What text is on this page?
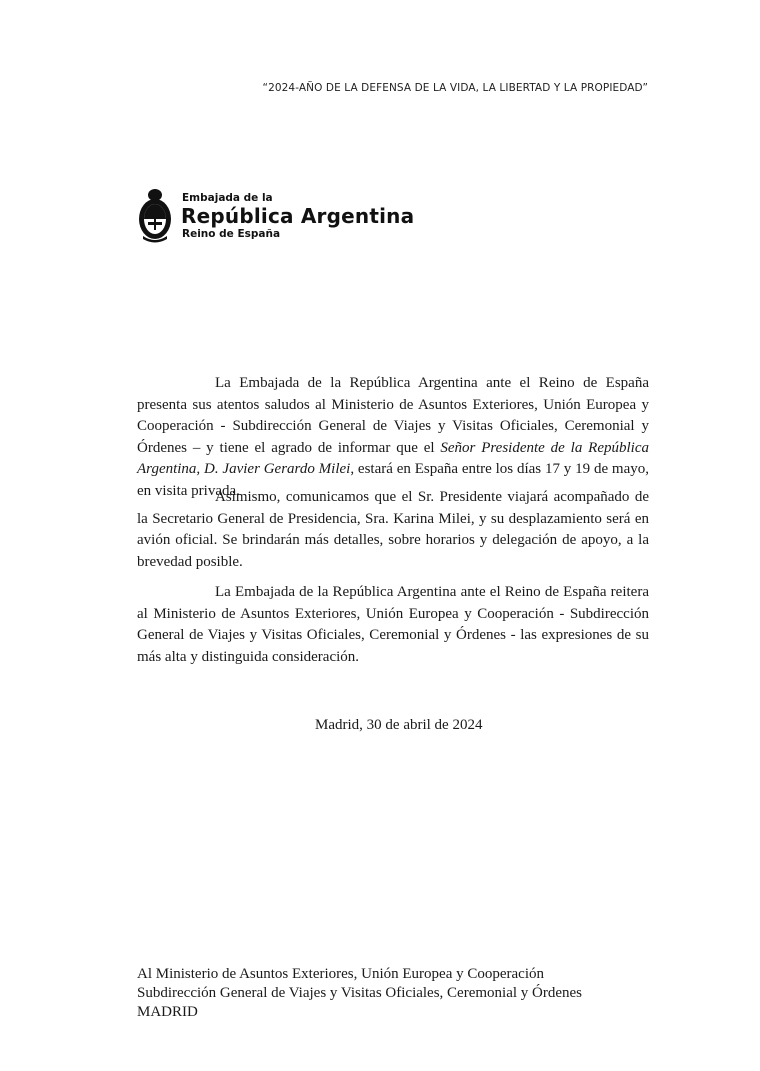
“2024-AÑO DE LA DEFENSA DE LA VIDA, LA LIBERTAD Y LA PROPIEDAD”
Embajada de la
República Argentina
Reino de España
La Embajada de la República Argentina ante el Reino de España presenta sus atentos saludos al Ministerio de Asuntos Exteriores, Unión Europea y Cooperación - Subdirección General de Viajes y Visitas Oficiales, Ceremonial y Órdenes – y tiene el agrado de informar que el Señor Presidente de la República Argentina, D. Javier Gerardo Milei, estará en España entre los días 17 y 19 de mayo, en visita privada.
Asimismo, comunicamos que el Sr. Presidente viajará acompañado de la Secretario General de Presidencia, Sra. Karina Milei, y su desplazamiento será en avión oficial. Se brindarán más detalles, sobre horarios y delegación de apoyo, a la brevedad posible.
La Embajada de la República Argentina ante el Reino de España reitera al Ministerio de Asuntos Exteriores, Unión Europea y Cooperación - Subdirección General de Viajes y Visitas Oficiales, Ceremonial y Órdenes - las expresiones de su más alta y distinguida consideración.
Madrid, 30 de abril de 2024
Al Ministerio de Asuntos Exteriores, Unión Europea y Cooperación
Subdirección General de Viajes y Visitas Oficiales, Ceremonial y Órdenes
MADRID
